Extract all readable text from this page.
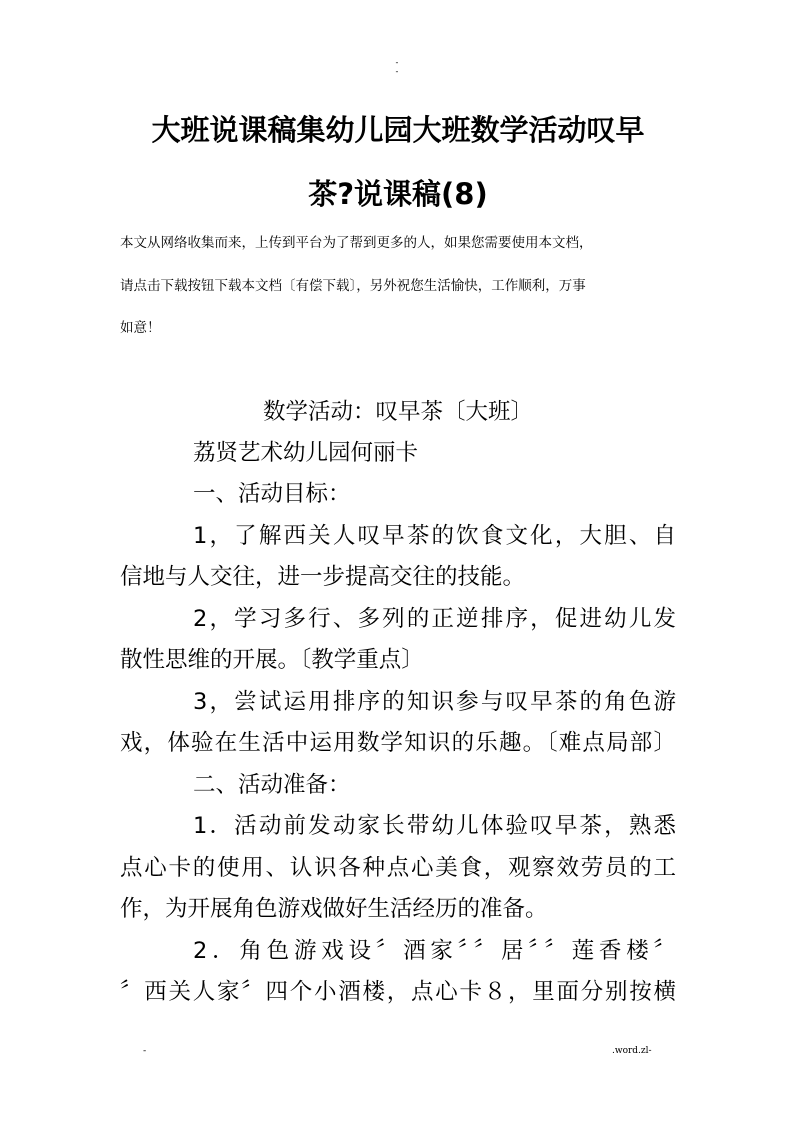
-
-
大班说课稿集幼儿园大班数学活动叹早
茶?说课稿(8)
本文从网络收集而来，上传到平台为了帮到更多的人，如果您需要使用本文档，
请点击下载按钮下载本文档〔有偿下载〕，另外祝您生活愉快，工作顺利，万事
如意！
数学活动：叹早茶〔大班〕
荔贤艺术幼儿园何丽卡
一、活动目标：
1，了解西关人叹早茶的饮食文化，大胆、自
信地与人交往，进一步提高交往的技能。
2，学习多行、多列的正逆排序，促进幼儿发
散性思维的开展。〔教学重点〕
3，尝试运用排序的知识参与叹早茶的角色游
戏，体验在生活中运用数学知识的乐趣。〔难点局部〕
二、活动准备：
1．活动前发动家长带幼儿体验叹早茶，熟悉
点心卡的使用、认识各种点心美食，观察效劳员的工
作，为开展角色游戏做好生活经历的准备。
2．角色游戏设〞酒家〞〞居〞〞莲香楼〞
〞西关人家〞四个小酒楼，点心卡８，里面分别按横
-	.word.zl-
